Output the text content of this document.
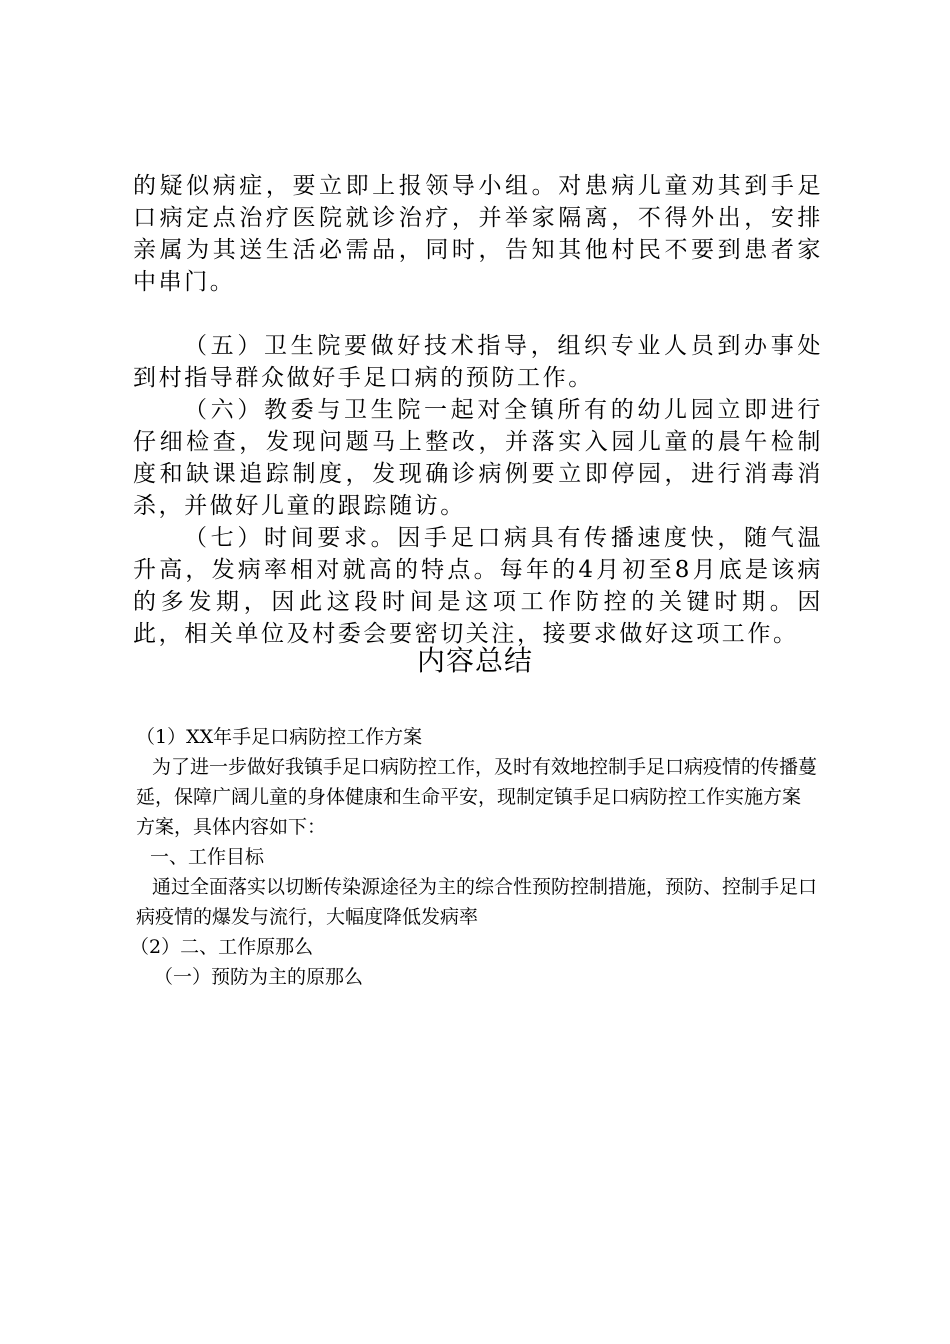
的疑似病症，要立即上报领导小组。对患病儿童劝其到手足口病定点治疗医院就诊治疗，并举家隔离，不得外出，安排亲属为其送生活必需品，同时，告知其他村民不要到患者家中串门。

（五）卫生院要做好技术指导，组织专业人员到办事处到村指导群众做好手足口病的预防工作。

（六）教委与卫生院一起对全镇所有的幼儿园立即进行仔细检查，发现问题马上整改，并落实入园儿童的晨午检制度和缺课追踪制度，发现确诊病例要立即停园，进行消毒消杀，并做好儿童的跟踪随访。

（七）时间要求。因手足口病具有传播速度快，随气温升高，发病率相对就高的特点。每年的4月初至8月底是该病的多发期，因此这段时间是这项工作防控的关键时期。因此，相关单位及村委会要密切关注，接要求做好这项工作。

内容总结

（1）XX年手足口病防控工作方案

为了进一步做好我镇手足口病防控工作，及时有效地控制手足口病疫情的传播蔓延，保障广阔儿童的身体健康和生命平安，现制定镇手足口病防控工作实施方案方案，具体内容如下：

一、工作目标

通过全面落实以切断传染源途径为主的综合性预防控制措施，预防、控制手足口病疫情的爆发与流行，大幅度降低发病率

（2）二、工作原那么

（一）预防为主的原那么
